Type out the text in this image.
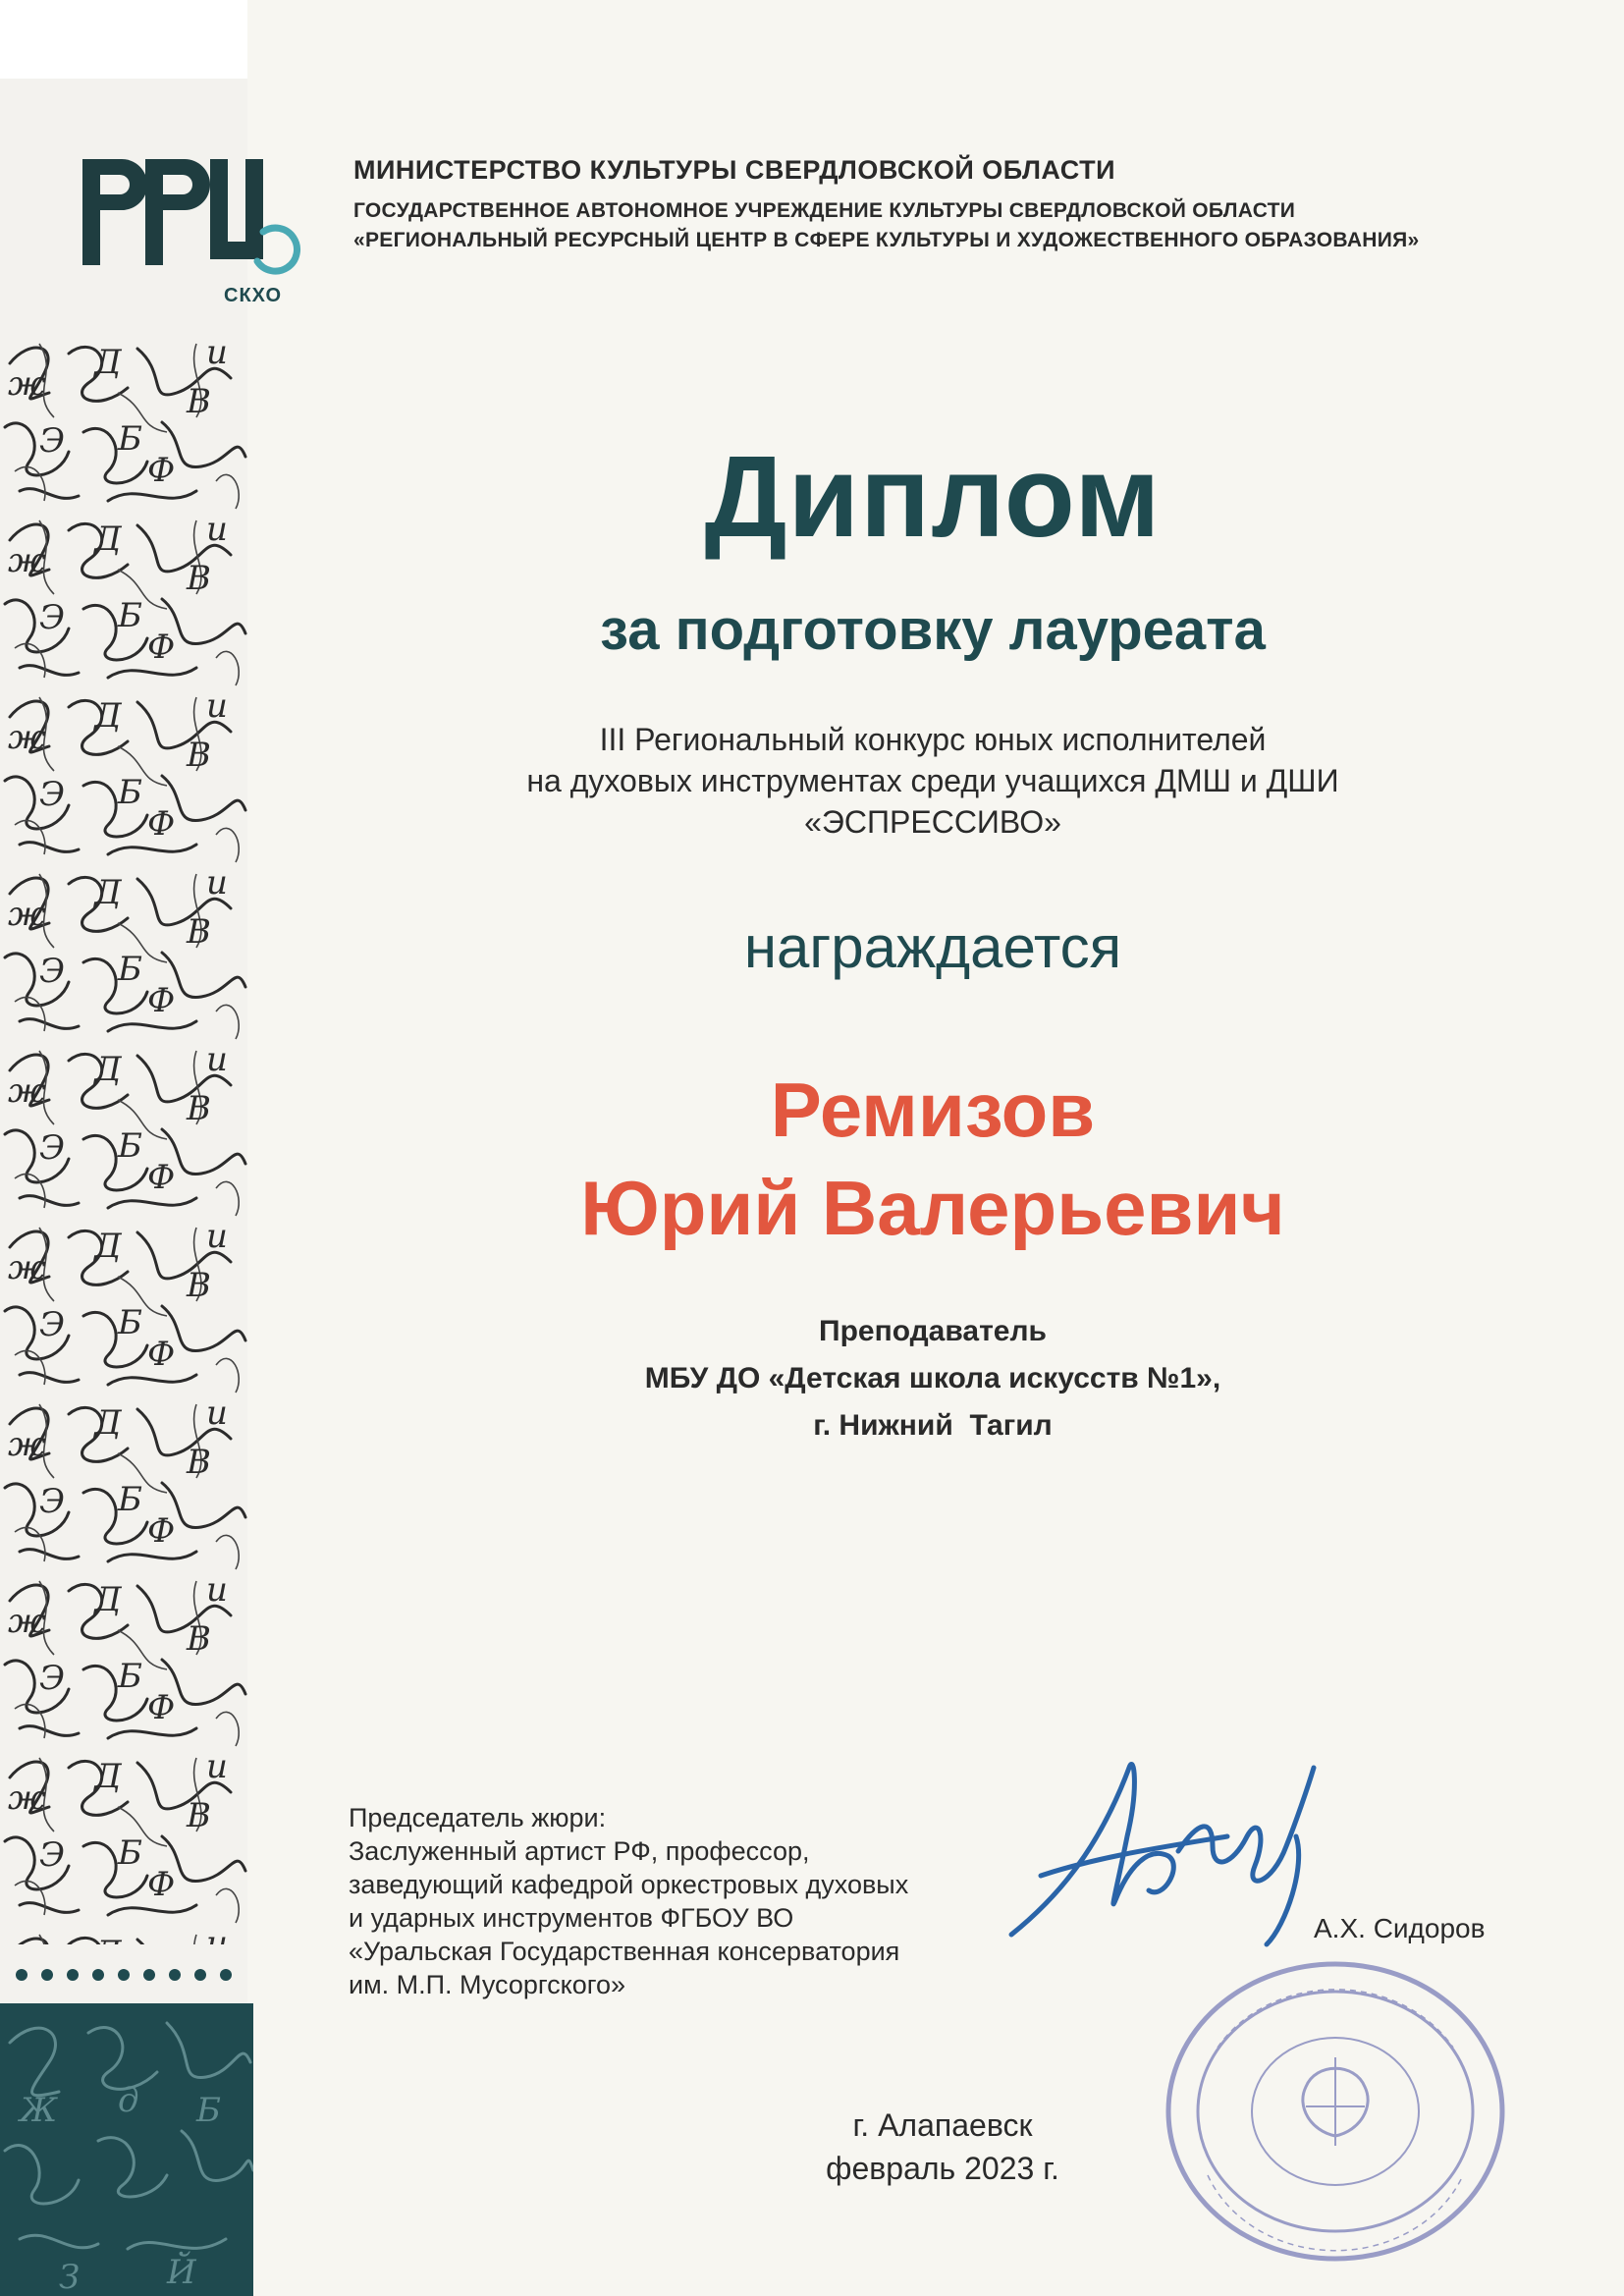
Ж д Б
З	Й
СКХО
МИНИСТЕРСТВО КУЛЬТУРЫ СВЕРДЛОВСКОЙ ОБЛАСТИ
ГОСУДАРСТВЕННОЕ АВТОНОМНОЕ УЧРЕЖДЕНИЕ КУЛЬТУРЫ СВЕРДЛОВСКОЙ ОБЛАСТИ
«РЕГИОНАЛЬНЫЙ РЕСУРСНЫЙ ЦЕНТР В СФЕРЕ КУЛЬТУРЫ И ХУДОЖЕСТВЕННОГО ОБРАЗОВАНИЯ»
Диплом
за подготовку лауреата
III Региональный конкурс юных исполнителей
на духовых инструментах среди учащихся ДМШ и ДШИ
«ЭСПРЕССИВО»
награждается
Ремизов
Юрий Валерьевич
Преподаватель
МБУ ДО «Детская школа искусств №1»,
г. Нижний  Тагил
Председатель жюри:
Заслуженный артист РФ, профессор,
заведующий кафедрой оркестровых духовых
и ударных инструментов ФГБОУ ВО
«Уральская Государственная консерватория
им. М.П. Мусоргского»
А.Х. Сидоров
г. Алапаевск
февраль 2023 г.
